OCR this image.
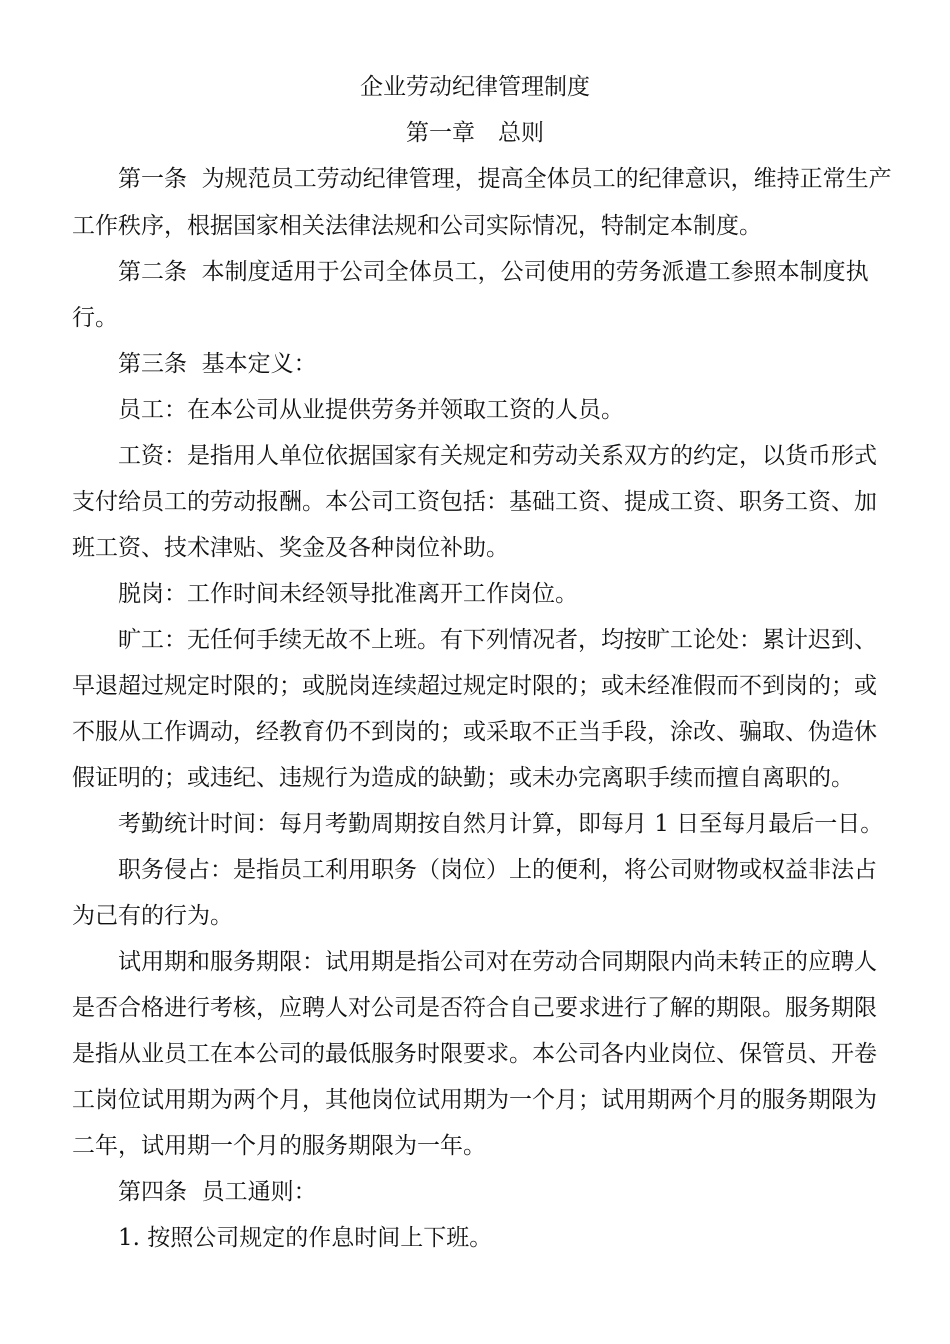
企业劳动纪律管理制度
第一章　总则

第一条  为规范员工劳动纪律管理，提高全体员工的纪律意识，维持正常生产

工作秩序，根据国家相关法律法规和公司实际情况，特制定本制度。

第二条  本制度适用于公司全体员工，公司使用的劳务派遣工参照本制度执

行。

第三条  基本定义：

员工：在本公司从业提供劳务并领取工资的人员。

工资：是指用人单位依据国家有关规定和劳动关系双方的约定，以货币形式

支付给员工的劳动报酬。本公司工资包括：基础工资、提成工资、职务工资、加

班工资、技术津贴、奖金及各种岗位补助。

脱岗：工作时间未经领导批准离开工作岗位。

旷工：无任何手续无故不上班。有下列情况者，均按旷工论处：累计迟到、

早退超过规定时限的；或脱岗连续超过规定时限的；或未经准假而不到岗的；或

不服从工作调动，经教育仍不到岗的；或采取不正当手段，涂改、骗取、伪造休

假证明的；或违纪、违规行为造成的缺勤；或未办完离职手续而擅自离职的。

考勤统计时间：每月考勤周期按自然月计算，即每月 1 日至每月最后一日。

职务侵占：是指员工利用职务（岗位）上的便利，将公司财物或权益非法占

为己有的行为。

试用期和服务期限：试用期是指公司对在劳动合同期限内尚未转正的应聘人

是否合格进行考核，应聘人对公司是否符合自己要求进行了解的期限。服务期限

是指从业员工在本公司的最低服务时限要求。本公司各内业岗位、保管员、开卷

工岗位试用期为两个月，其他岗位试用期为一个月；试用期两个月的服务期限为

二年，试用期一个月的服务期限为一年。

第四条  员工通则：

1. 按照公司规定的作息时间上下班。
